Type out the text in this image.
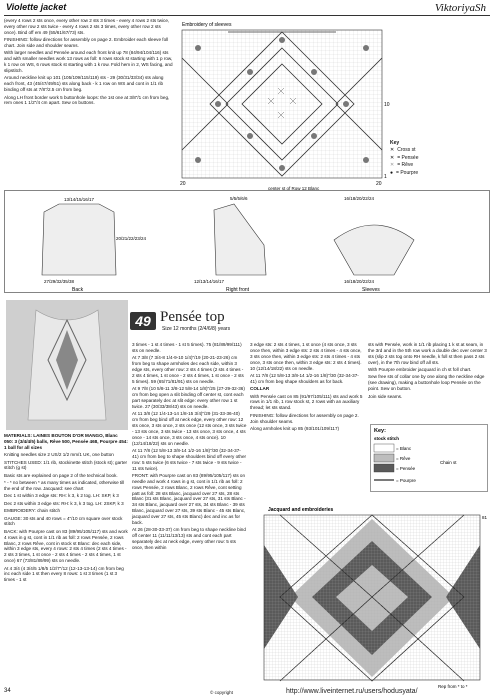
Violette jacket	ViktoriyaSh

(every 4 rows 2 sts once, every other row 2 sts 3 times - every 4 rows 2 sts twice, every other row 2 sts twice - every 4 rows 2 sts 3 times, every other row 2 sts once). Bind off em 49 (55/61/67/73) sts.

FINISHING: follow directions for assembly on page 2. Embroider each sleeve foll chart. Join side and shoulder seams.

With larger needles and Pensée around each front knit up 78 (84/94/104/116) sts and with smaller needles work 13 rows as foll: 6 rows stock st starting with 1 p row, k 1 row on WS, 6 rows stock st starting with 1 k row. Fold hem in 2, WS facing, and slipstitch.

Around neckline knit up 101 (105/109/115/119) sts - 29 (30/31/33/34) sts along each front, 43 (45/47/49/51) sts along back - k 1 row on WS and cont in 1/1 rib binding off sts at 7/8"/2.5 cm from beg.

Along LH front border work 5 buttonhole loops: the 1st one at 3/8"/1 cm from beg, rem ones 1 1/2"/4 cm apart. Sew on buttons.

Embroidery of sleeves
20	20
10
1
center st of Row 12 Blanc
Key
✕ Cross st
✕ = Pensée
✕ = Rêve
● = Pourpre
13/14/15/16/17
20/21/22/23/24
27/29/32/35/38
Back
5/5/5/6/6
12/13/14/16/17
Right front
16/18/20/22/24
16/18/20/22/24
Sleeves
49 Pensée top
Size 12 months (2/4/6/8) years

MATERIALS: LAINES BOUTON D'OR MANGO, Blanc 050: 3 (3/4/4/5) balls, Rêve 500, Pensée 468, Pourpre 454: 1 ball for all sizes

Knitting needles size 2 US/2 1/2 mm/1 UK, one button

STITCHES USED: 1/1 rib, stockinette stitch (stock st); garter stitch (g st)

Basic sts are explained on page 2 of the technical book.

* - * no between * as many times as indicated, otherwise till the end of the row. Jacquard: see chart

Dec 1 st within 3 edge sts: RH: k 3, k 2 tog. LH: SKP, k 3

Dec 2 sts within 3 edge sts: RH: k 3, k 3 tog. LH: 2SKP, k 3

EMBROIDERY: chain stitch

GAUGE: 30 sts and 40 rows = 4"/10 cm square over stock stitch

BACK: with Pourpre cast on 83 (89/95/105/117) sts and work 4 rows in g st, cont in 1/1 rib as foll: 2 rows Pensée, 2 rows Blanc, 2 rows Rêve, cont in stock st Blanc: dec each side, within 3 edge sts, every 4 rows: 2 sts 4 times (2 sts 4 times - 2 sts 3 times, 1 st once - 2 sts 4 times - 2 sts 4 times, 1 st once) 67 (73/81/89/99) sts on needle.

At 4 3/4 (4 3/4/5 1/8/5 1/2/7"/12 (12-13-13-14) cm from beg inc each side 1 st then every 8 rows: 1 st 3 times (1 st 3 times - 1 st

3 times - 1 st 4 times - 1 st 5 times). 75 (81/89/99/111) sts on needle.

At 7 3/8 (7 3/4-8 1/4-9-10 1/4)"/19 (20-21-23-26) cm from beg to shape armholes dec each side, within 3 edge sts, every other row: 2 sts 4 times (2 sts 4 times - 2 sts 4 times, 1 st once - 2 sts 4 times, 1 st once - 2 sts 5 times). 59 (65/71/81/91) sts on needle.

At 9 7/8 (10 5/8-11 3/8-12 5/8-14 1/8)"/25 (27-29-32-36) cm from beg open a slit binding off center st, cont each part separately dec at slit edge: every other row 1 st twice. 27 (30/33/38/43) sts on needle.

At 11 3/8 (12 1/4-13-14 1/8-15 3/4)"/29 (31-33-36-40) cm from beg bind off at neck edge, every other row: 12 sts once, 3 sts once, 2 sts once (12 sts once, 3 sts twice - 13 sts once, 3 sts twice - 13 sts once, 3 sts once, 4 sts once - 14 sts once, 3 sts once, 4 sts once). 10 (12/14/18/22) sts on needle.

At 11 7/8 (12 5/8-13 3/8-14 1/2-16 1/8)"/30 (32-34-37-41) cm from beg to shape shoulders bind off every other row: 5 sts twice (6 sts twice - 7 sts twice - 9 sts twice - 11 sts twice).

FRONT: with Pourpre cast on 83 (89/95/105/117) sts on needle and work 4 rows in g st, cont in 1/1 rib as foll: 2 rows Pensée, 2 rows Blanc, 2 rows Rêve, cont setting patt as foll: 28 sts Blanc, jacquard over 27 sts, 28 sts Blanc (31 sts Blanc, jacquard over 27 sts, 31 sts Blanc - 34 sts Blanc, jacquard over 27 sts, 34 sts Blanc - 39 sts Blanc, jacquard over 27 sts, 39 sts Blanc - 45 sts Blanc, jacquard over 27 sts, 45 sts Blanc) dec and inc as for back.

At 26 (28-30-33-37) cm from beg to shape neckline bind off center 11 (11/11/13/13) sts and cont each part separately dec at neck edge, every other row: 5 sts once, then within

3 edge sts: 2 sts 4 times, 1 st once (4 sts once, 3 sts once then, within 3 edge sts: 2 sts 4 times - 4 sts once, 3 sts once then, within 3 edge sts: 2 sts 4 times - 4 sts once, 3 sts once then, within 3 edge sts: 2 sts 4 times). 10 (12/14/18/22) sts on needle.

At 11 7/8 (12 5/8-13 3/8-14 1/2-16 1/8)"/30 (32-34-37-41) cm from beg shape shoulders as for back.

COLLAR

With Pensée cast on 85 (91/97/105/111) sts and work 5 rows in 1/1 rib, 1 row stock st, 2 rows with an auxiliary thread; let sts stand.

FINISHING: follow directions for assembly on page 2. Join shoulder seams.

Along armholes knit up 85 (93/101/109/117)

sts with Pensée, work in 1/1 rib placing 1 k st at seam, in the 3rd and in the 5th row work a double dec over center 3 sts (slip 2 sts tog onto RH needle, k foll st then pass 2 sts over), in the 7th row bind off all sts.

With Pourpre embroider jacquard in ch st foll chart.

Sew free sts of collar one by one along the neckline edge (see drawing), making a buttonhole loop Pensée on the point. Sew on button.

Join side seams.

Key:
stock stitch
= Blanc
= Rêve
= Pensée
= Pourpre
Chain st
Jacquard and embroideries
81
Rep from * to *
34	© copyright	http://www.liveinternet.ru/users/hodusyata/
